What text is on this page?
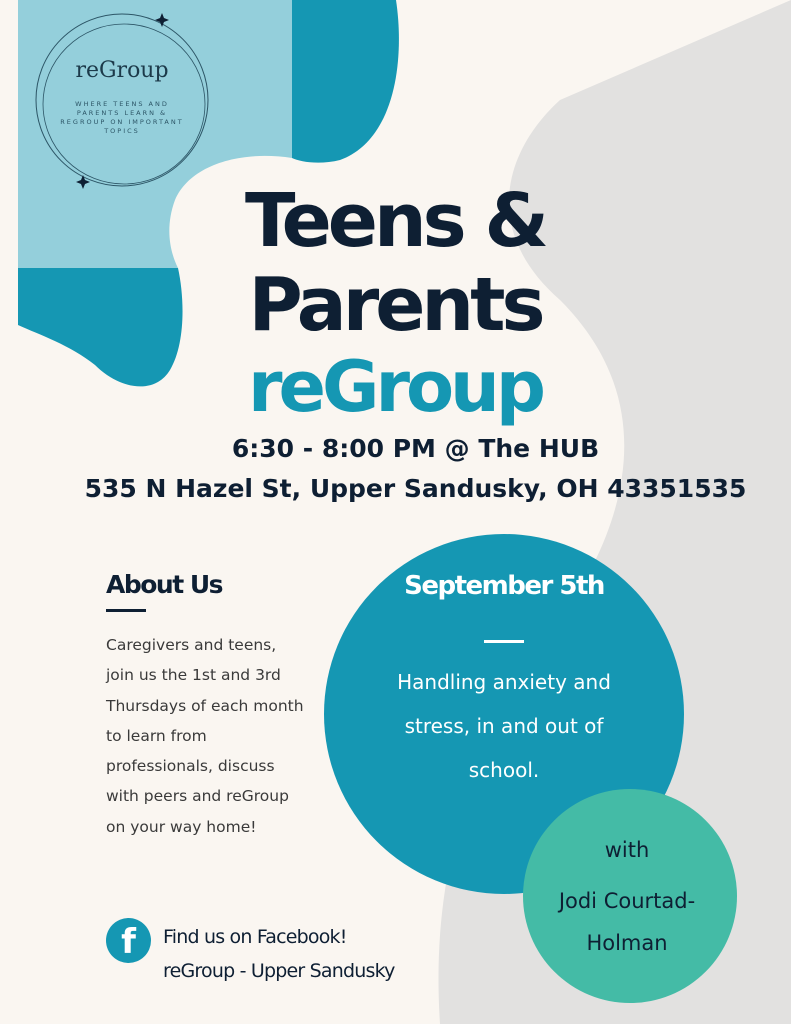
reGroup
WHERE TEENS AND PARENTS LEARN & REGROUP ON IMPORTANT TOPICS
Teens &
Parents
reGroup
6:30 - 8:00 PM @ The HUB
535 N Hazel St, Upper Sandusky, OH 43351535
About Us
Caregivers and teens, join us the 1st and 3rd Thursdays of each month to learn from professionals, discuss with peers and reGroup on your way home!
September 5th
Handling anxiety and stress, in and out of school.
with
Jodi Courtad-Holman
f	Find us on Facebook!
reGroup - Upper Sandusky
